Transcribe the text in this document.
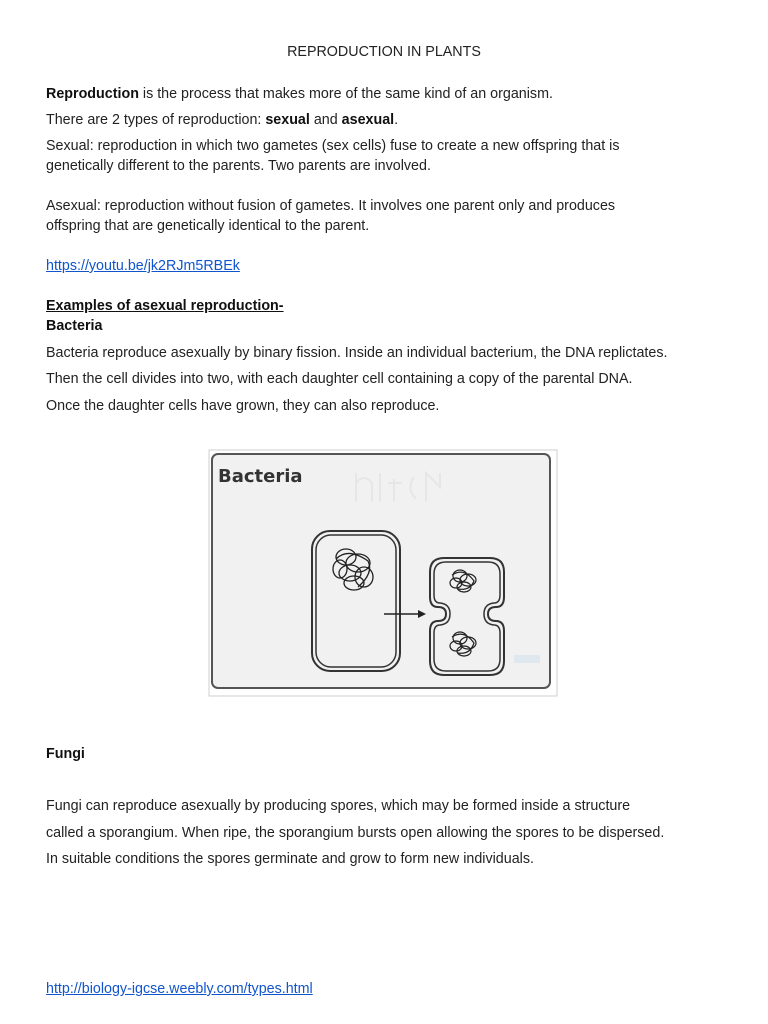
REPRODUCTION IN PLANTS
Reproduction is the process that makes more of the same kind of an organism.
There are 2 types of reproduction: sexual and asexual.
Sexual: reproduction in which two gametes (sex cells) fuse to create a new offspring that is
genetically different to the parents. Two parents are involved.
Asexual: reproduction without fusion of gametes. It involves one parent only and produces
offspring that are genetically identical to the parent.
https://youtu.be/jk2RJm5RBEk
Examples of asexual reproduction-
Bacteria
Bacteria reproduce asexually by binary fission. Inside an individual bacterium, the DNA replictates.
Then the cell divides into two, with each daughter cell containing a copy of the parental DNA.
Once the daughter cells have grown, they can also reproduce.
Bacteria
Fungi
Fungi can reproduce asexually by producing spores, which may be formed inside a structure
called a sporangium. When ripe, the sporangium bursts open allowing the spores to be dispersed.
In suitable conditions the spores germinate and grow to form new individuals.
http://biology-igcse.weebly.com/types.html
